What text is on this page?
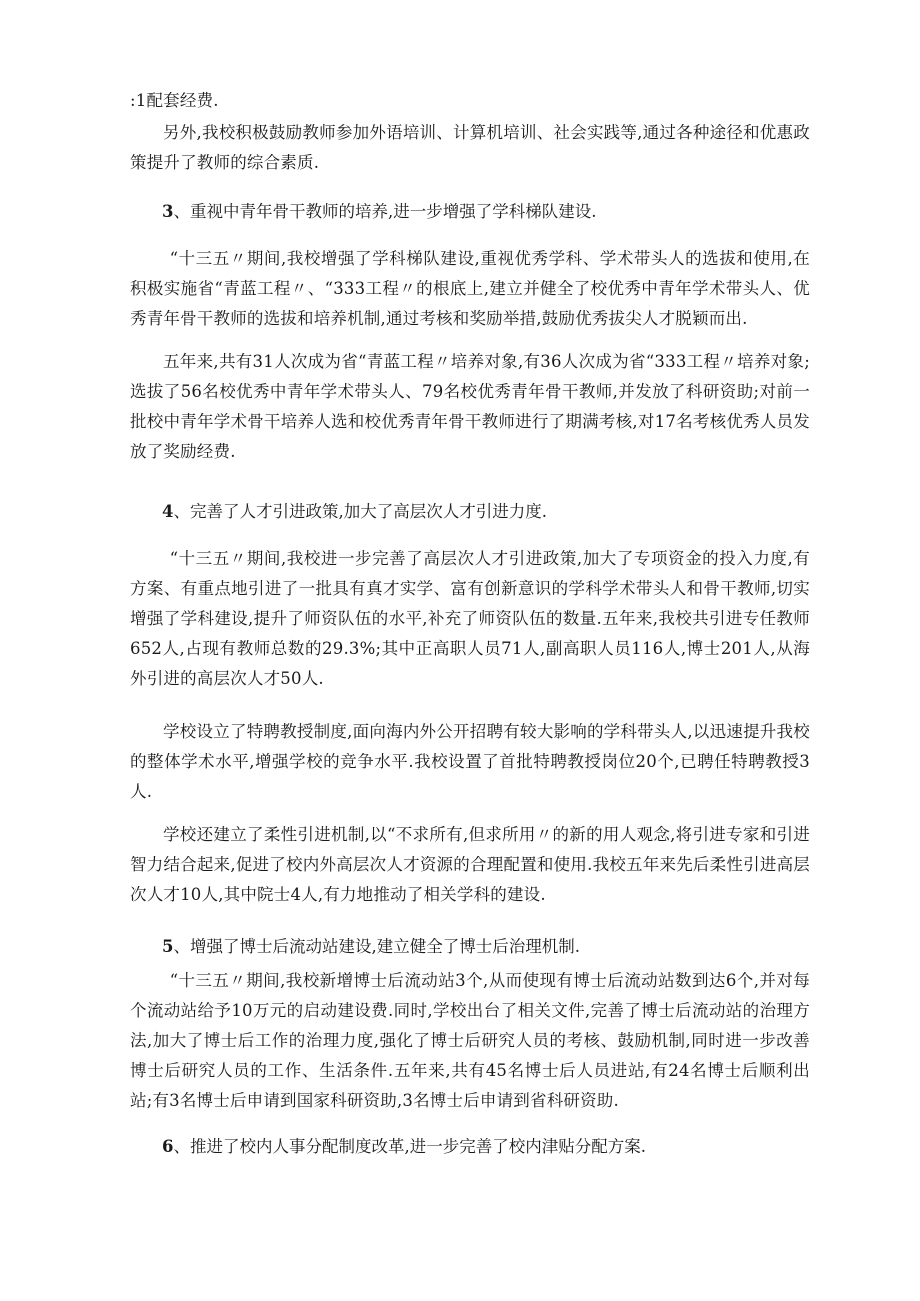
:1配套经费.

另外,我校积极鼓励教师参加外语培训、计算机培训、社会实践等,通过各种途径和优惠政策提升了教师的综合素质.

3、重视中青年骨干教师的培养,进一步增强了学科梯队建设.

“十三五〃期间,我校增强了学科梯队建设,重视优秀学科、学术带头人的选拔和使用,在积极实施省“青蓝工程〃、“333工程〃的根底上,建立并健全了校优秀中青年学术带头人、优秀青年骨干教师的选拔和培养机制,通过考核和奖励举措,鼓励优秀拔尖人才脱颖而出.

五年来,共有31人次成为省“青蓝工程〃培养对象,有36人次成为省“333工程〃培养对象;选拔了56名校优秀中青年学术带头人、79名校优秀青年骨干教师,并发放了科研资助;对前一批校中青年学术骨干培养人选和校优秀青年骨干教师进行了期满考核,对17名考核优秀人员发放了奖励经费.

4、完善了人才引进政策,加大了高层次人才引进力度.

“十三五〃期间,我校进一步完善了高层次人才引进政策,加大了专项资金的投入力度,有方案、有重点地引进了一批具有真才实学、富有创新意识的学科学术带头人和骨干教师,切实增强了学科建设,提升了师资队伍的水平,补充了师资队伍的数量.五年来,我校共引进专任教师652人,占现有教师总数的29.3%;其中正高职人员71人,副高职人员116人,博士201人,从海外引进的高层次人才50人.

学校设立了特聘教授制度,面向海内外公开招聘有较大影响的学科带头人,以迅速提升我校的整体学术水平,增强学校的竞争水平.我校设置了首批特聘教授岗位20个,已聘任特聘教授3人.

学校还建立了柔性引进机制,以“不求所有,但求所用〃的新的用人观念,将引进专家和引进智力结合起来,促进了校内外高层次人才资源的合理配置和使用.我校五年来先后柔性引进高层次人才10人,其中院士4人,有力地推动了相关学科的建设.

5、增强了博士后流动站建设,建立健全了博士后治理机制.

“十三五〃期间,我校新增博士后流动站3个,从而使现有博士后流动站数到达6个,并对每个流动站给予10万元的启动建设费.同时,学校出台了相关文件,完善了博士后流动站的治理方法,加大了博士后工作的治理力度,强化了博士后研究人员的考核、鼓励机制,同时进一步改善博士后研究人员的工作、生活条件.五年来,共有45名博士后人员进站,有24名博士后顺利出站;有3名博士后申请到国家科研资助,3名博士后申请到省科研资助.

6、推进了校内人事分配制度改革,进一步完善了校内津贴分配方案.
